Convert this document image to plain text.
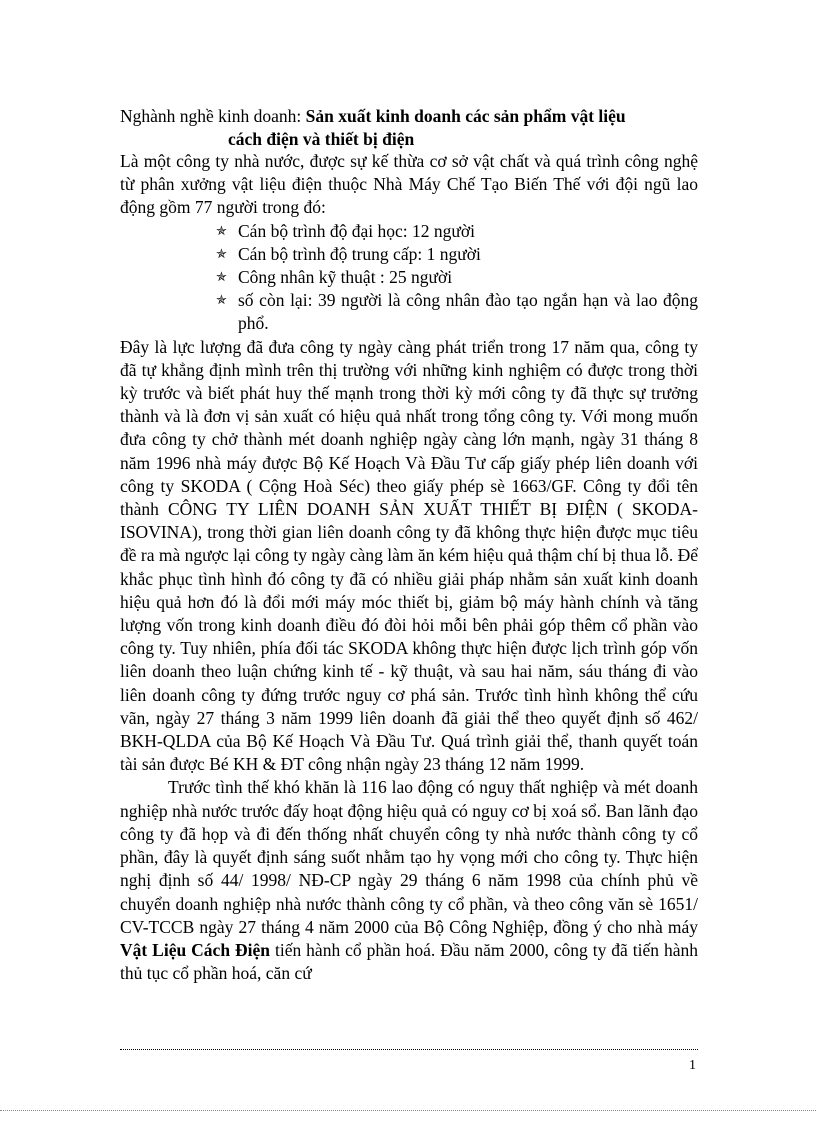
Nghành nghề kinh doanh: Sản xuất kinh doanh các sản phẩm vật liệu
cách điện và thiết bị điện

Là một công ty nhà nước, được sự kế thừa cơ sở vật chất và quá trình công nghệ từ phân xưởng vật liệu điện thuộc Nhà Máy Chế Tạo Biến Thế với đội ngũ lao động gồm 77 người trong đó:

✯ Cán bộ trình độ đại học: 12 người
✯ Cán bộ trình độ trung cấp: 1 người
✯ Công nhân kỹ thuật : 25 người
✯ số còn lại: 39 người là công nhân đào tạo ngắn hạn và lao động phổ.

Đây là lực lượng đã đưa công ty ngày càng phát triển trong 17 năm qua, công ty đã tự khẳng định mình trên thị trường với những kinh nghiệm có được trong thời kỳ trước và biết phát huy thế mạnh trong thời kỳ mới công ty đã thực sự trưởng thành và là đơn vị sản xuất có hiệu quả nhất trong tổng công ty. Với mong muốn đưa công ty chở thành mét doanh nghiệp ngày càng lớn mạnh, ngày 31 tháng 8 năm 1996 nhà máy được Bộ Kế Hoạch Và Đầu Tư cấp giấy phép liên doanh với công ty SKODA ( Cộng Hoà Séc) theo giấy phép sè 1663/GF. Công ty đổi tên thành CÔNG TY LIÊN DOANH SẢN XUẤT THIẾT BỊ ĐIỆN ( SKODA-ISOVINA), trong thời gian liên doanh công ty đã không thực hiện được mục tiêu đề ra mà ngược lại công ty ngày càng làm ăn kém hiệu quả thậm chí bị thua lỗ. Để khắc phục tình hình đó công ty đã có nhiều giải pháp nhằm sản xuất kinh doanh hiệu quả hơn đó là đổi mới máy móc thiết bị, giảm bộ máy hành chính và tăng lượng vốn trong kinh doanh điều đó đòi hỏi mỗi bên phải góp thêm cổ phần vào công ty. Tuy nhiên, phía đối tác SKODA không thực hiện được lịch trình góp vốn liên doanh theo luận chứng kinh tế - kỹ thuật, và sau hai năm, sáu tháng đi vào liên doanh công ty đứng trước nguy cơ phá sản. Trước tình hình không thể cứu vãn, ngày 27 tháng 3 năm 1999 liên doanh đã giải thể theo quyết định số 462/ BKH-QLDA của Bộ Kế Hoạch Và Đầu Tư. Quá trình giải thể, thanh quyết toán tài sản được Bé KH & ĐT công nhận ngày 23 tháng 12 năm 1999.

Trước tình thế khó khăn là 116 lao động có nguy thất nghiệp và mét doanh nghiệp nhà nước trước đấy hoạt động hiệu quả có nguy cơ bị xoá sổ. Ban lãnh đạo công ty đã họp và đi đến thống nhất chuyển công ty nhà nước thành công ty cổ phần, đây là quyết định sáng suốt nhằm tạo hy vọng mới cho công ty. Thực hiện nghị định số 44/ 1998/ NĐ-CP ngày 29 tháng 6 năm 1998 của chính phủ về chuyển doanh nghiệp nhà nước thành công ty cổ phần, và theo công văn sè 1651/ CV-TCCB ngày 27 tháng 4 năm 2000 của Bộ Công Nghiệp, đồng ý cho nhà máy Vật Liệu Cách Điện tiến hành cổ phần hoá. Đầu năm 2000, công ty đã tiến hành thủ tục cổ phần hoá, căn cứ

1
